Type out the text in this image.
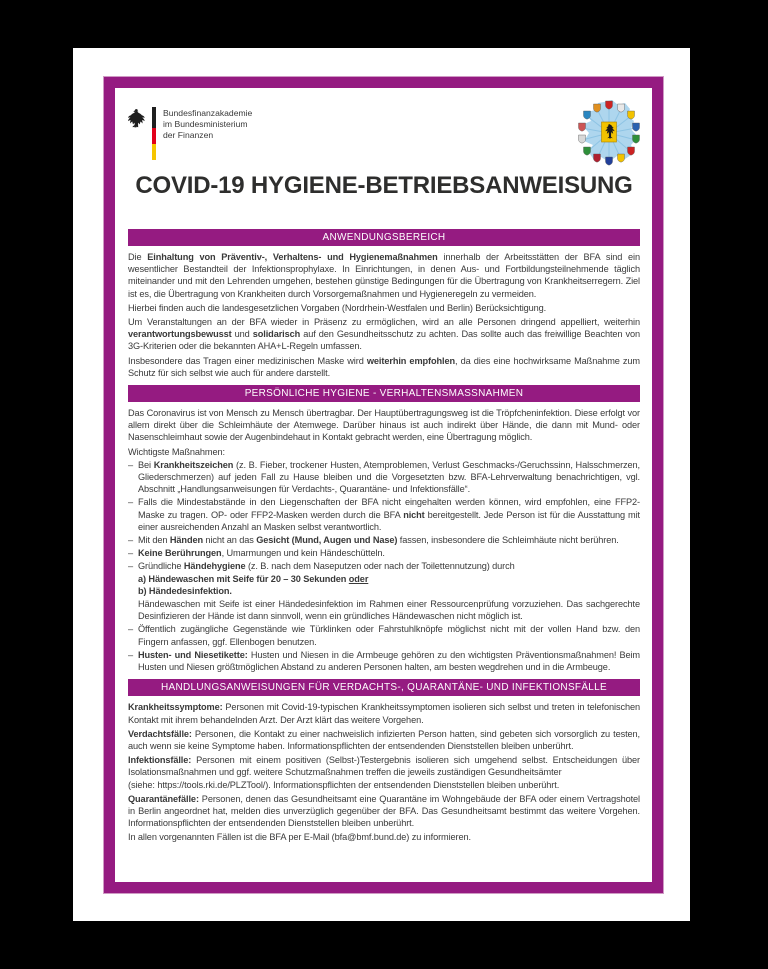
Bundesfinanzakademie
im Bundesministerium
der Finanzen
COVID-19 HYGIENE-BETRIEBSANWEISUNG
ANWENDUNGSBEREICH
Die Einhaltung von Präventiv-, Verhaltens- und Hygienemaßnahmen innerhalb der Arbeitsstätten der BFA sind ein wesentlicher Bestandteil der Infektionsprophylaxe. In Einrichtungen, in denen Aus- und Fortbildungsteilnehmende täglich miteinander und mit den Lehrenden umgehen, bestehen günstige Bedingungen für die Übertragung von Krankheitserregern. Ziel ist es, die Übertragung von Krankheiten durch Vorsorgemaßnahmen und Hygieneregeln zu vermeiden.
Hierbei finden auch die landesgesetzlichen Vorgaben (Nordrhein-Westfalen und Berlin) Berücksichtigung.
Um Veranstaltungen an der BFA wieder in Präsenz zu ermöglichen, wird an alle Personen dringend appelliert, weiterhin verantwortungsbewusst und solidarisch auf den Gesundheitsschutz zu achten. Das sollte auch das freiwillige Beachten von 3G-Kriterien oder die bekannten AHA+L-Regeln umfassen.
Insbesondere das Tragen einer medizinischen Maske wird weiterhin empfohlen, da dies eine hochwirksame Maßnahme zum Schutz für sich selbst wie auch für andere darstellt.
PERSÖNLICHE HYGIENE - VERHALTENSMASSNAHMEN
Das Coronavirus ist von Mensch zu Mensch übertragbar. Der Hauptübertragungsweg ist die Tröpfcheninfektion. Diese erfolgt vor allem direkt über die Schleimhäute der Atemwege. Darüber hinaus ist auch indirekt über Hände, die dann mit Mund- oder Nasenschleimhaut sowie der Augenbindehaut in Kontakt gebracht werden, eine Übertragung möglich.
Wichtigste Maßnahmen:
– Bei Krankheitszeichen (z. B. Fieber, trockener Husten, Atemproblemen, Verlust Geschmacks-/Geruchssinn, Halsschmerzen, Gliederschmerzen) auf jeden Fall zu Hause bleiben und die Vorgesetzten bzw. BFA-Lehrverwaltung benachrichtigen, vgl. Abschnitt „Handlungsanweisungen für Verdachts-, Quarantäne- und Infektionsfälle“.
– Falls die Mindestabstände in den Liegenschaften der BFA nicht eingehalten werden können, wird empfohlen, eine FFP2-Maske zu tragen. OP- oder FFP2-Masken werden durch die BFA nicht bereitgestellt. Jede Person ist für die Ausstattung mit einer ausreichenden Anzahl an Masken selbst verantwortlich.
– Mit den Händen nicht an das Gesicht (Mund, Augen und Nase) fassen, insbesondere die Schleimhäute nicht berühren.
– Keine Berührungen, Umarmungen und kein Händeschütteln.
– Gründliche Händehygiene (z. B. nach dem Naseputzen oder nach der Toilettennutzung) durch
a) Händewaschen mit Seife für 20 – 30 Sekunden oder
b) Händedesinfektion.
Händewaschen mit Seife ist einer Händedesinfektion im Rahmen einer Ressourcenprüfung vorzuziehen. Das sachgerechte Desinfizieren der Hände ist dann sinnvoll, wenn ein gründliches Händewaschen nicht möglich ist.
– Öffentlich zugängliche Gegenstände wie Türklinken oder Fahrstuhlknöpfe möglichst nicht mit der vollen Hand bzw. den Fingern anfassen, ggf. Ellenbogen benutzen.
– Husten- und Niesetikette: Husten und Niesen in die Armbeuge gehören zu den wichtigsten Präventionsmaßnahmen! Beim Husten und Niesen größtmöglichen Abstand zu anderen Personen halten, am besten wegdrehen und in die Armbeuge.
HANDLUNGSANWEISUNGEN FÜR VERDACHTS-, QUARANTÄNE- UND INFEKTIONSFÄLLE
Krankheitssymptome: Personen mit Covid-19-typischen Krankheitssymptomen isolieren sich selbst und treten in telefonischen Kontakt mit ihrem behandelnden Arzt. Der Arzt klärt das weitere Vorgehen.
Verdachtsfälle: Personen, die Kontakt zu einer nachweislich infizierten Person hatten, sind gebeten sich vorsorglich zu testen, auch wenn sie keine Symptome haben. Informationspflichten der entsendenden Dienststellen bleiben unberührt.
Infektionsfälle: Personen mit einem positiven (Selbst-)Testergebnis isolieren sich umgehend selbst. Entscheidungen über Isolationsmaßnahmen und ggf. weitere Schutzmaßnahmen treffen die jeweils zuständigen Gesundheitsämter
(siehe: https://tools.rki.de/PLZTool/). Informationspflichten der entsendenden Dienststellen bleiben unberührt.
Quarantänefälle: Personen, denen das Gesundheitsamt eine Quarantäne im Wohngebäude der BFA oder einem Vertragshotel in Berlin angeordnet hat, melden dies unverzüglich gegenüber der BFA. Das Gesundheitsamt bestimmt das weitere Vorgehen. Informationspflichten der entsendenden Dienststellen bleiben unberührt.
In allen vorgenannten Fällen ist die BFA per E-Mail (bfa@bmf.bund.de) zu informieren.
